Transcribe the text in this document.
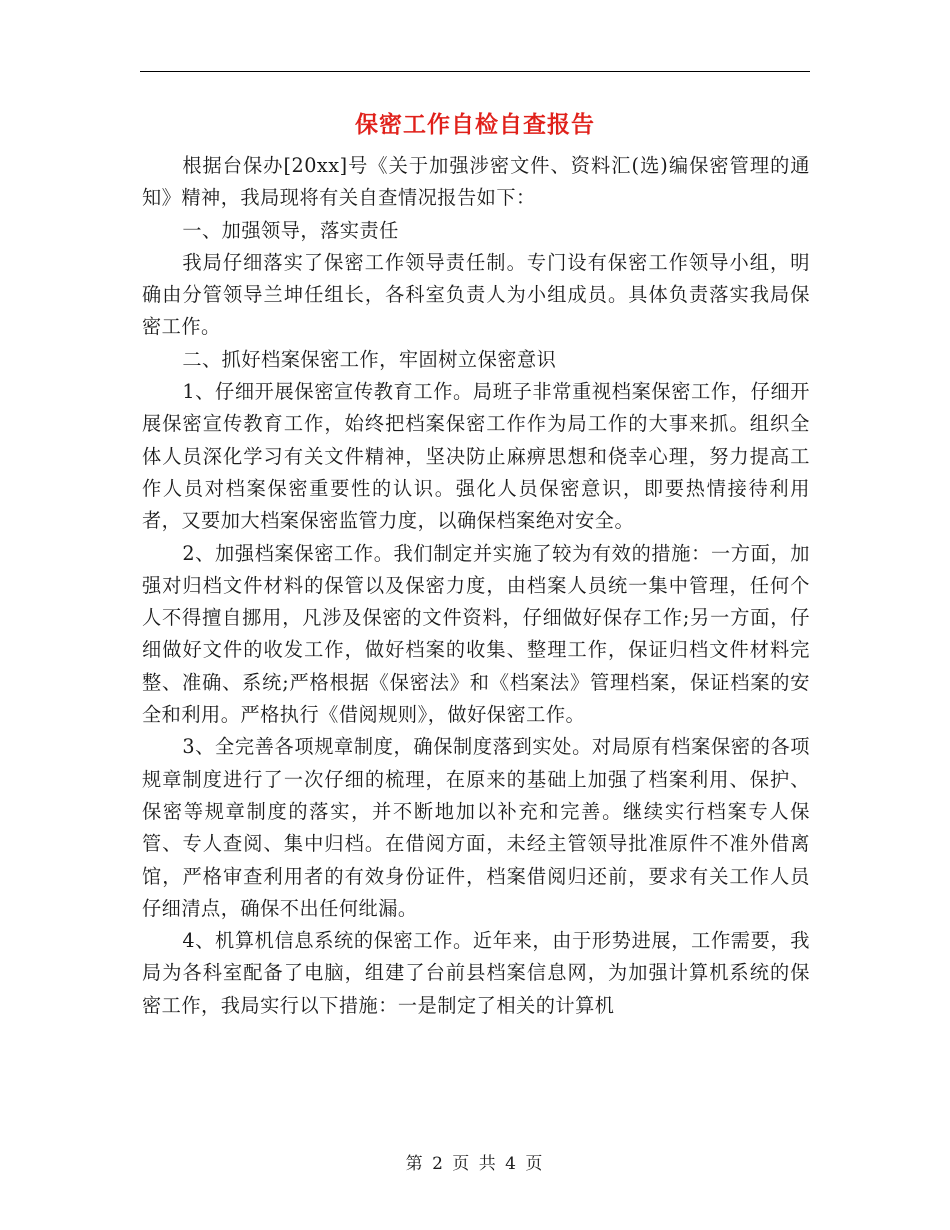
保密工作自检自查报告

根据台保办[20xx]号《关于加强涉密文件、资料汇(选)编保密管理的通知》精神，我局现将有关自查情况报告如下：

一、加强领导，落实责任

我局仔细落实了保密工作领导责任制。专门设有保密工作领导小组，明确由分管领导兰坤任组长，各科室负责人为小组成员。具体负责落实我局保密工作。

二、抓好档案保密工作，牢固树立保密意识

1、仔细开展保密宣传教育工作。局班子非常重视档案保密工作，仔细开展保密宣传教育工作，始终把档案保密工作作为局工作的大事来抓。组织全体人员深化学习有关文件精神，坚决防止麻痹思想和侥幸心理，努力提高工作人员对档案保密重要性的认识。强化人员保密意识，即要热情接待利用者，又要加大档案保密监管力度，以确保档案绝对安全。

2、加强档案保密工作。我们制定并实施了较为有效的措施：一方面，加强对归档文件材料的保管以及保密力度，由档案人员统一集中管理，任何个人不得擅自挪用，凡涉及保密的文件资料，仔细做好保存工作;另一方面，仔细做好文件的收发工作，做好档案的收集、整理工作，保证归档文件材料完整、准确、系统;严格根据《保密法》和《档案法》管理档案，保证档案的安全和利用。严格执行《借阅规则》，做好保密工作。

3、全完善各项规章制度，确保制度落到实处。对局原有档案保密的各项规章制度进行了一次仔细的梳理，在原来的基础上加强了档案利用、保护、保密等规章制度的落实，并不断地加以补充和完善。继续实行档案专人保管、专人查阅、集中归档。在借阅方面，未经主管领导批准原件不准外借离馆，严格审查利用者的有效身份证件，档案借阅归还前，要求有关工作人员仔细清点，确保不出任何纰漏。

4、机算机信息系统的保密工作。近年来，由于形势进展，工作需要，我局为各科室配备了电脑，组建了台前县档案信息网，为加强计算机系统的保密工作，我局实行以下措施：一是制定了相关的计算机

第 2 页 共 4 页
